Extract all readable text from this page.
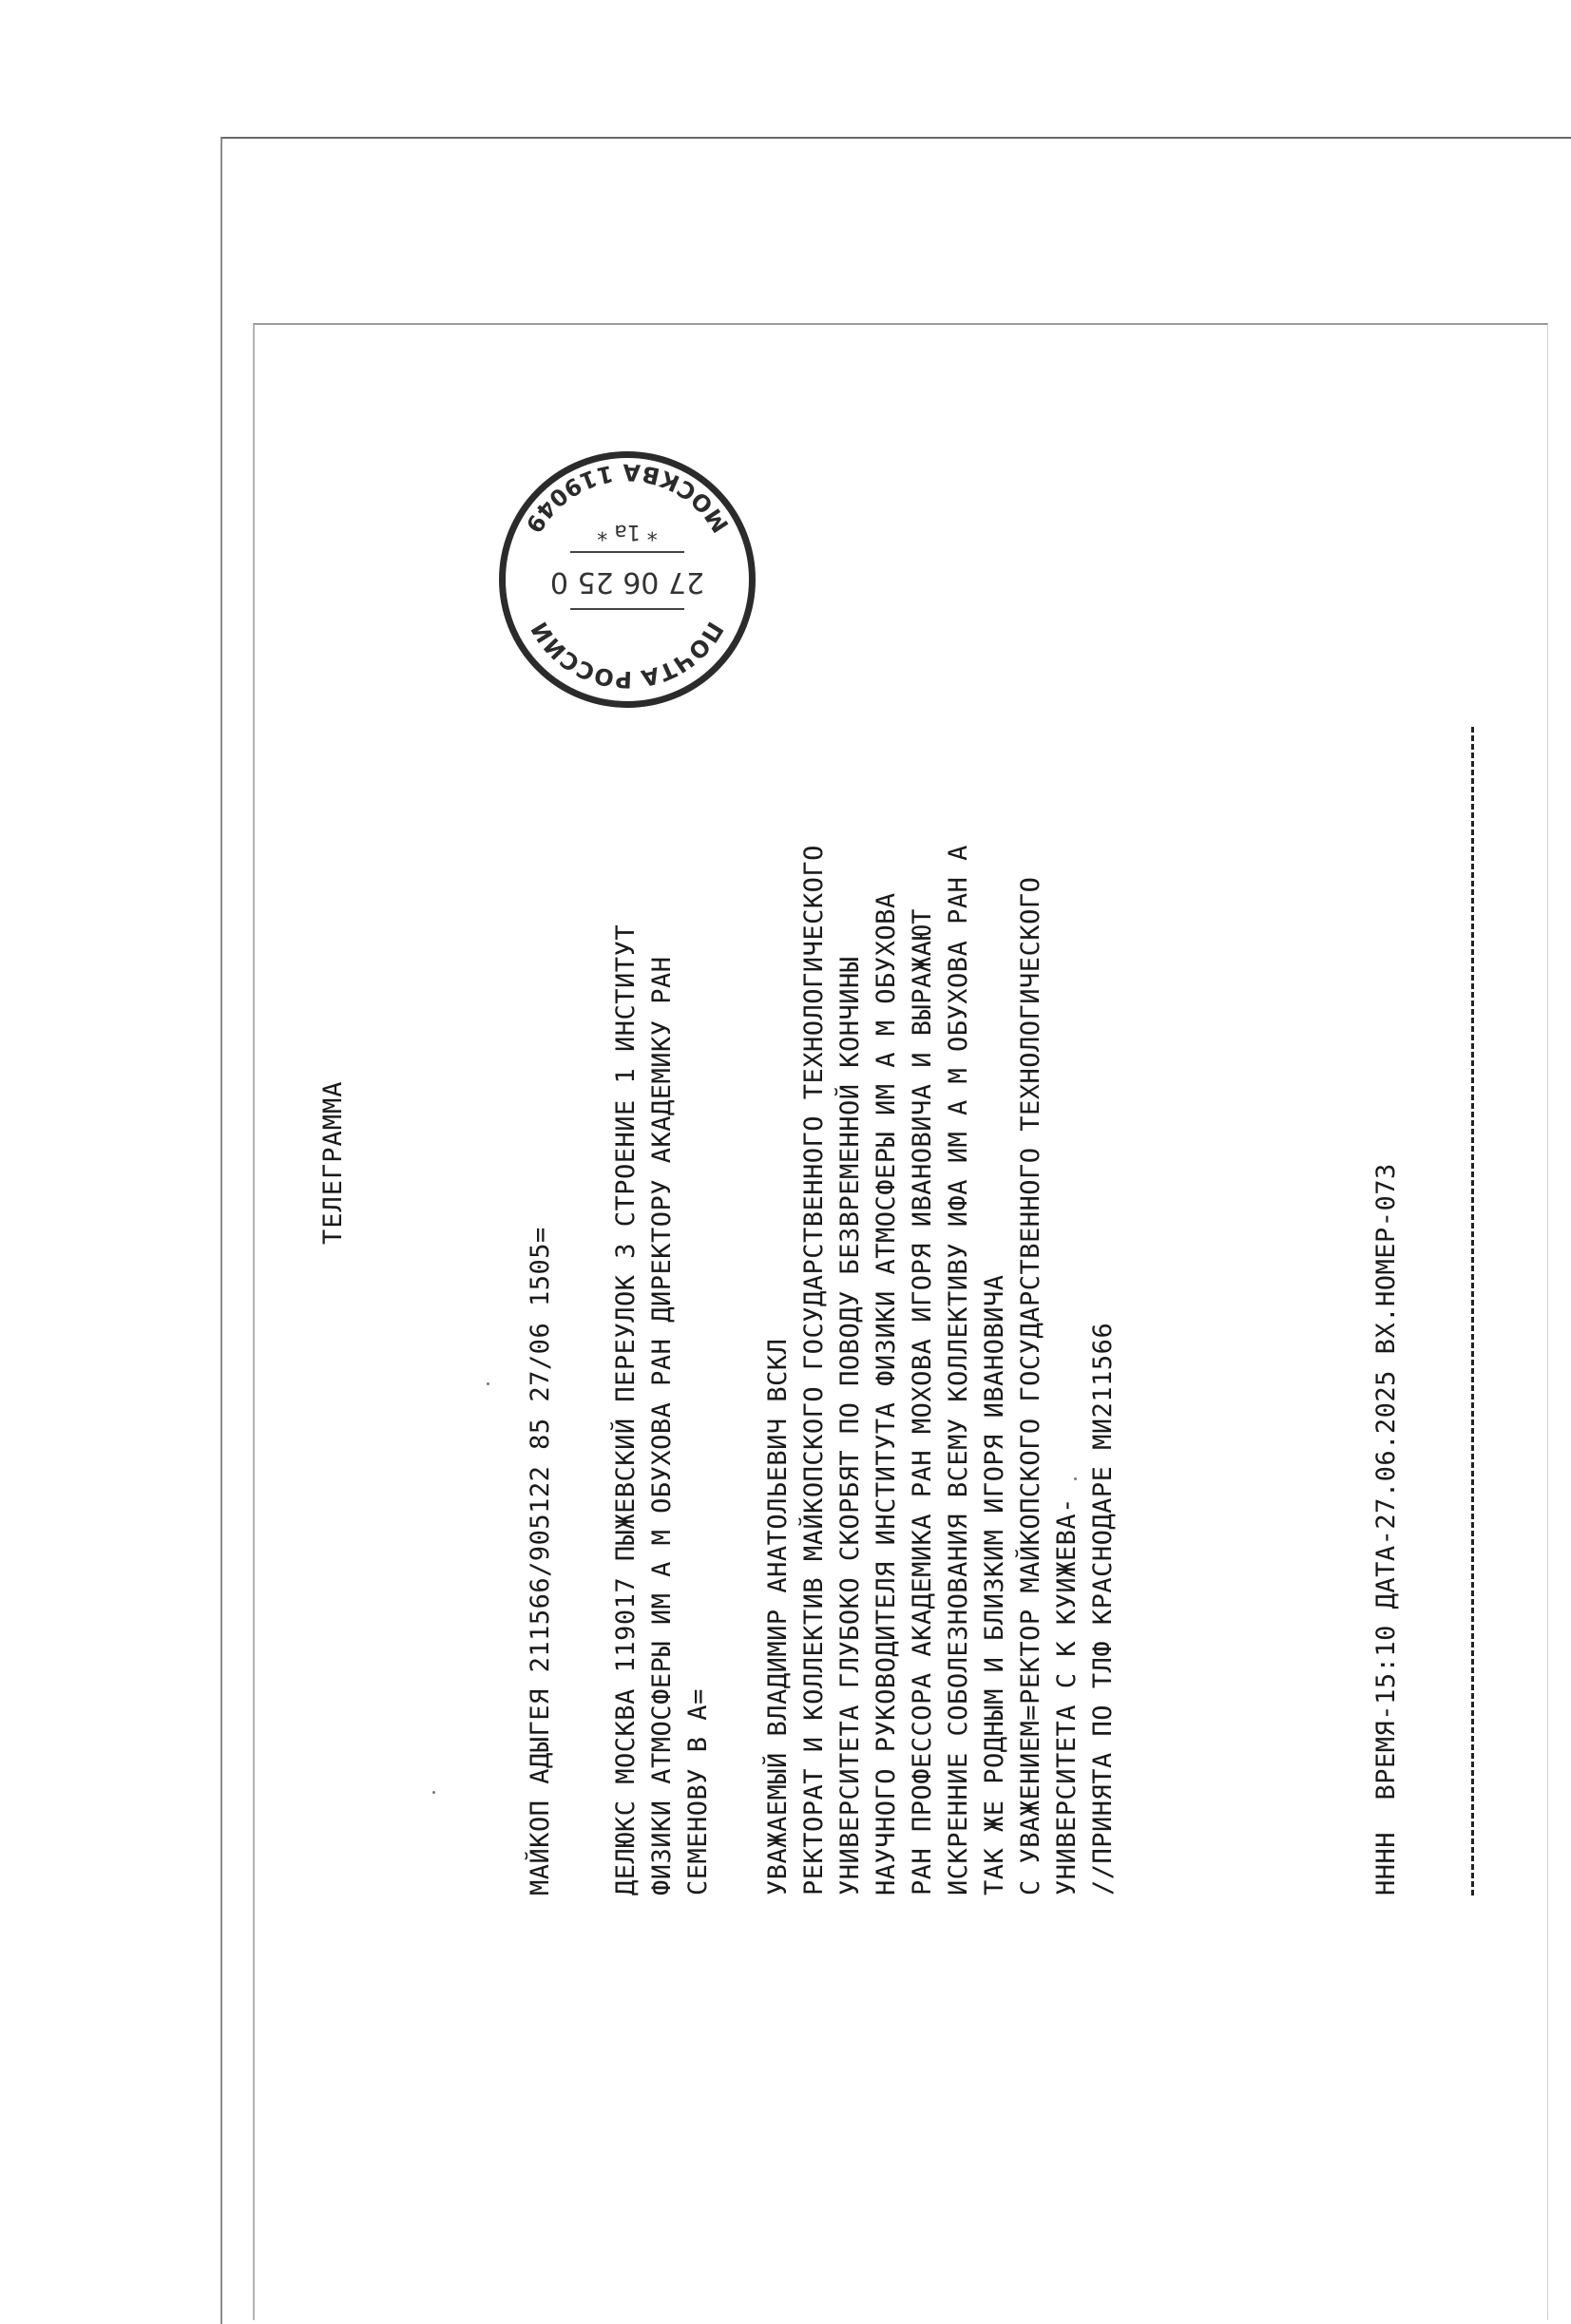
ТЕЛЕГРАММА
МАЙКОП АДЫГЕЯ 211566/905122 85 27/06 1505= ДЕЛЮКС МОСКВА 119017 ПЫЖЕВСКИЙ ПЕРЕУЛОК 3 СТРОЕНИЕ 1 ИНСТИТУТ ФИЗИКИ АТМОСФЕРЫ ИМ А М ОБУХОВА РАН ДИРЕКТОРУ АКАДЕМИКУ РАН СЕМЕНОВУ В А= УВАЖАЕМЫЙ ВЛАДИМИР АНАТОЛЬЕВИЧ ВСКЛ РЕКТОРАТ И КОЛЛЕКТИВ МАЙКОПСКОГО ГОСУДАРСТВЕННОГО ТЕХНОЛОГИЧЕСКОГО УНИВЕРСИТЕТА ГЛУБОКО СКОРБЯТ ПО ПОВОДУ БЕЗВРЕМЕННОЙ КОНЧИНЫ НАУЧНОГО РУКОВОДИТЕЛЯ ИНСТИТУТА ФИЗИКИ АТМОСФЕРЫ ИМ А М ОБУХОВА РАН ПРОФЕССОРА АКАДЕМИКА РАН МОХОВА ИГОРЯ ИВАНОВИЧА И ВЫРАЖАЮТ ИСКРЕННИЕ СОБОЛЕЗНОВАНИЯ ВСЕМУ КОЛЛЕКТИВУ ИФА ИМ А М ОБУХОВА РАН А ТАК ЖЕ РОДНЫМ И БЛИЗКИМ ИГОРЯ ИВАНОВИЧА С УВАЖЕНИЕМ=РЕКТОР МАЙКОПСКОГО ГОСУДАРСТВЕННОГО ТЕХНОЛОГИЧЕСКОГО УНИВЕРСИТЕТА С К КУИЖЕВА- //ПРИНЯТА ПО ТЛФ КРАСНОДАРЕ МИ211566	НННН  ВРЕМЯ-15:10 ДАТА-27.06.2025 ВХ.НОМЕР-073
ПОЧТА РОССИИ
МОСКВА 119049
27 06 25 0
* 1а *
